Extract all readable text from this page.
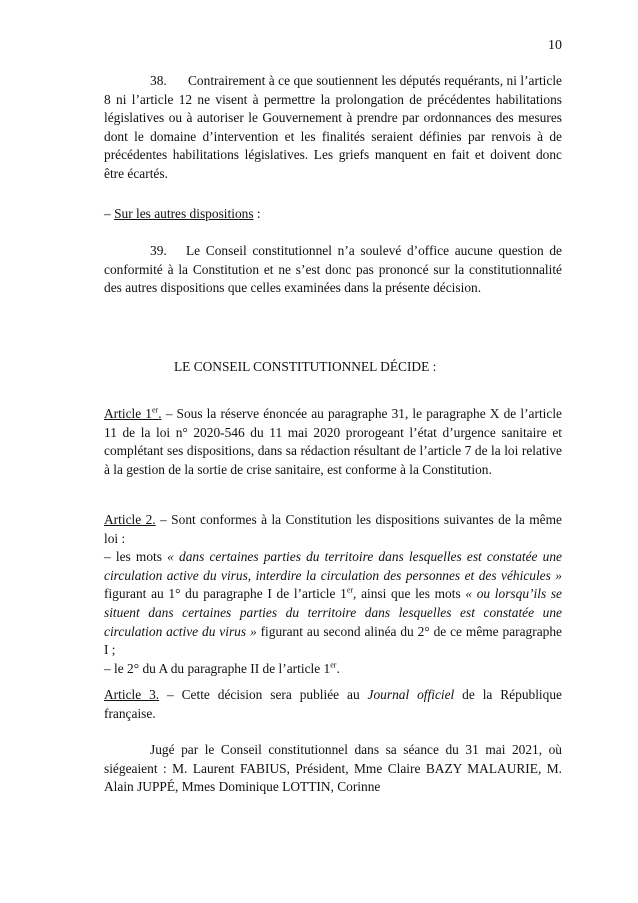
10

38. Contrairement à ce que soutiennent les députés requérants, ni l’article 8 ni l’article 12 ne visent à permettre la prolongation de précédentes habilitations législatives ou à autoriser le Gouvernement à prendre par ordonnances des mesures dont le domaine d’intervention et les finalités seraient définies par renvois à de précédentes habilitations législatives. Les griefs manquent en fait et doivent donc être écartés.

– Sur les autres dispositions :

39. Le Conseil constitutionnel n’a soulevé d’office aucune question de conformité à la Constitution et ne s’est donc pas prononcé sur la constitutionnalité des autres dispositions que celles examinées dans la présente décision.

LE CONSEIL CONSTITUTIONNEL DÉCIDE :

Article 1er. – Sous la réserve énoncée au paragraphe 31, le paragraphe X de l’article 11 de la loi n° 2020-546 du 11 mai 2020 prorogeant l’état d’urgence sanitaire et complétant ses dispositions, dans sa rédaction résultant de l’article 7 de la loi relative à la gestion de la sortie de crise sanitaire, est conforme à la Constitution.

Article 2. – Sont conformes à la Constitution les dispositions suivantes de la même loi :
– les mots « dans certaines parties du territoire dans lesquelles est constatée une circulation active du virus, interdire la circulation des personnes et des véhicules » figurant au 1° du paragraphe I de l’article 1er, ainsi que les mots « ou lorsqu’ils se situent dans certaines parties du territoire dans lesquelles est constatée une circulation active du virus » figurant au second alinéa du 2° de ce même paragraphe I ;
– le 2° du A du paragraphe II de l’article 1er.

Article 3. – Cette décision sera publiée au Journal officiel de la République française.

Jugé par le Conseil constitutionnel dans sa séance du 31 mai 2021, où siégeaient : M. Laurent FABIUS, Président, Mme Claire BAZY MALAURIE, M. Alain JUPPÉ, Mmes Dominique LOTTIN, Corinne
